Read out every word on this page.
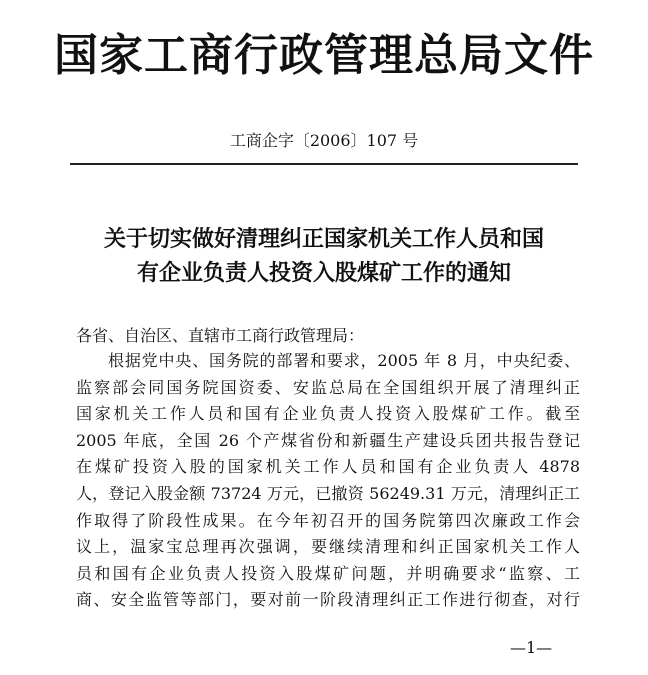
国家工商行政管理总局文件
工商企字〔2006〕107 号
关于切实做好清理纠正国家机关工作人员和国
有企业负责人投资入股煤矿工作的通知
各省、自治区、直辖市工商行政管理局：
根据党中央、国务院的部署和要求，2005 年 8 月，中央纪委、
监察部会同国务院国资委、安监总局在全国组织开展了清理纠正
国家机关工作人员和国有企业负责人投资入股煤矿工作。截至
2005 年底，全国 26 个产煤省份和新疆生产建设兵团共报告登记
在煤矿投资入股的国家机关工作人员和国有企业负责人 4878
人，登记入股金额 73724 万元，已撤资 56249.31 万元，清理纠正工
作取得了阶段性成果。在今年初召开的国务院第四次廉政工作会
议上，温家宝总理再次强调，要继续清理和纠正国家机关工作人
员和国有企业负责人投资入股煤矿问题，并明确要求“监察、工
商、安全监管等部门，要对前一阶段清理纠正工作进行彻查，对行
—1—
